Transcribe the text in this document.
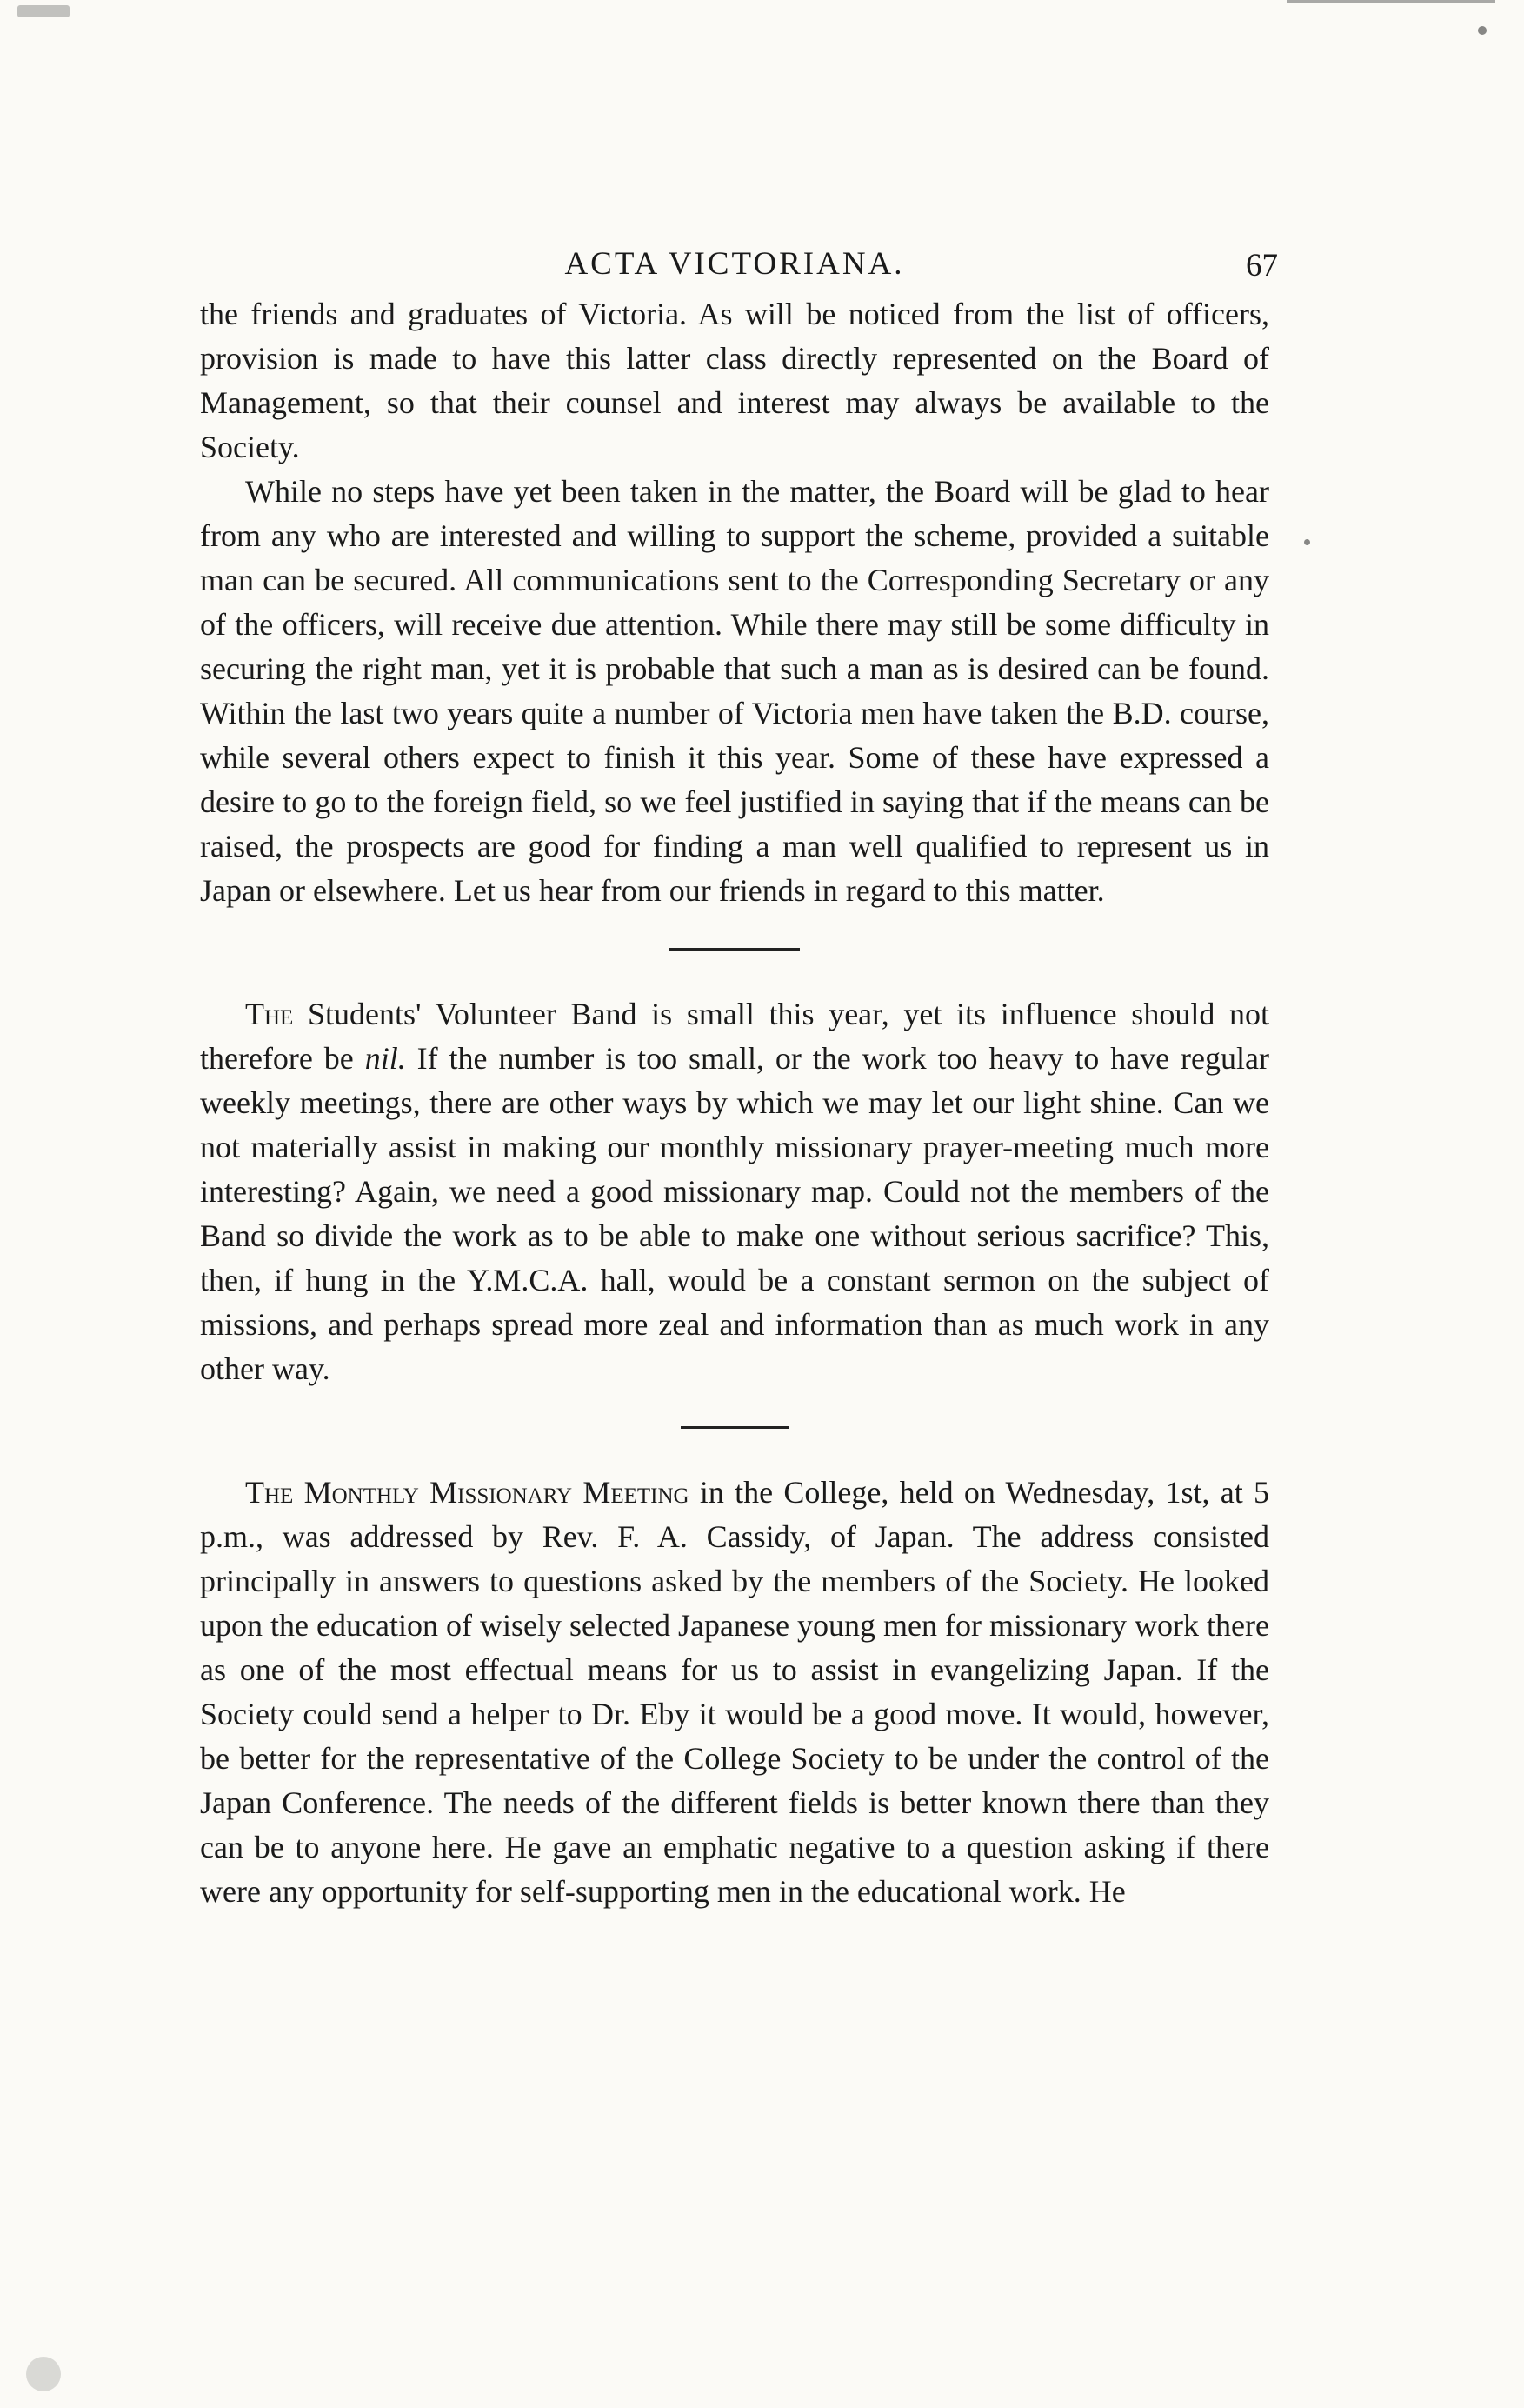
ACTA VICTORIANA.	67

the friends and graduates of Victoria. As will be noticed from the list of officers, provision is made to have this latter class directly represented on the Board of Management, so that their counsel and interest may always be available to the Society.

While no steps have yet been taken in the matter, the Board will be glad to hear from any who are interested and willing to support the scheme, provided a suitable man can be secured. All communications sent to the Corresponding Secretary or any of the officers, will receive due attention. While there may still be some difficulty in securing the right man, yet it is probable that such a man as is desired can be found. Within the last two years quite a number of Victoria men have taken the B.D. course, while several others expect to finish it this year. Some of these have expressed a desire to go to the foreign field, so we feel justified in saying that if the means can be raised, the prospects are good for finding a man well qualified to represent us in Japan or elsewhere. Let us hear from our friends in regard to this matter.

The Students' Volunteer Band is small this year, yet its influence should not therefore be nil. If the number is too small, or the work too heavy to have regular weekly meetings, there are other ways by which we may let our light shine. Can we not materially assist in making our monthly missionary prayer-meeting much more interesting? Again, we need a good missionary map. Could not the members of the Band so divide the work as to be able to make one without serious sacrifice? This, then, if hung in the Y.M.C.A. hall, would be a constant sermon on the subject of missions, and perhaps spread more zeal and information than as much work in any other way.

The Monthly Missionary Meeting in the College, held on Wednesday, 1st, at 5 p.m., was addressed by Rev. F. A. Cassidy, of Japan. The address consisted principally in answers to questions asked by the members of the Society. He looked upon the education of wisely selected Japanese young men for missionary work there as one of the most effectual means for us to assist in evangelizing Japan. If the Society could send a helper to Dr. Eby it would be a good move. It would, however, be better for the representative of the College Society to be under the control of the Japan Conference. The needs of the different fields is better known there than they can be to anyone here. He gave an emphatic negative to a question asking if there were any opportunity for self-supporting men in the educational work. He
